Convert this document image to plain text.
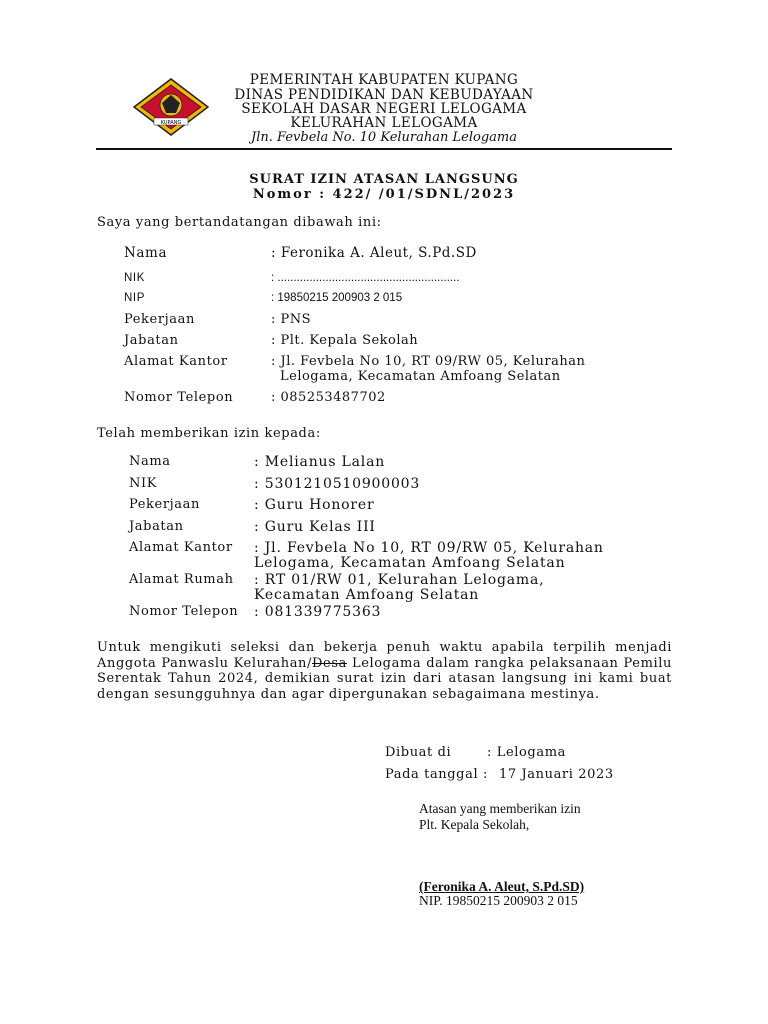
KUPANG
PEMERINTAH KABUPATEN KUPANG
DINAS PENDIDIKAN DAN KEBUDAYAAN
SEKOLAH DASAR NEGERI LELOGAMA
KELURAHAN LELOGAMA
Jln. Fevbela No. 10 Kelurahan Lelogama
SURAT IZIN ATASAN LANGSUNG
Nomor : 422/ /01/SDNL/2023
Saya yang bertandatangan dibawah ini:
Nama	: Feronika A. Aleut, S.Pd.SD
NIK	: .........................................................
NIP	: 19850215 200903 2 015
Pekerjaan	: PNS
Jabatan	: Plt. Kepala Sekolah
Alamat Kantor	: Jl. Fevbela No 10, RT 09/RW 05, Kelurahan
Lelogama, Kecamatan Amfoang Selatan
Nomor Telepon	: 085253487702
Telah memberikan izin kepada:
Nama	: Melianus Lalan
NIK	: 5301210510900003
Pekerjaan	: Guru Honorer
Jabatan	: Guru Kelas III
Alamat Kantor : Jl. Fevbela No 10, RT 09/RW 05, Kelurahan
Lelogama, Kecamatan Amfoang Selatan
Alamat Rumah : RT 01/RW 01, Kelurahan Lelogama,
Kecamatan Amfoang Selatan
Nomor Telepon : 081339775363
Untuk mengikuti seleksi dan bekerja penuh waktu apabila terpilih menjadi Anggota Panwaslu Kelurahan/Desa Lelogama dalam rangka pelaksanaan Pemilu Serentak Tahun 2024, demikian surat izin dari atasan langsung ini kami buat dengan sesungguhnya dan agar dipergunakan sebagaimana mestinya.
Dibuat di	: Lelogama
Pada tanggal : 17 Januari 2023
Atasan yang memberikan izin
Plt. Kepala Sekolah,
(Feronika A. Aleut, S.Pd.SD)
NIP. 19850215 200903 2 015
